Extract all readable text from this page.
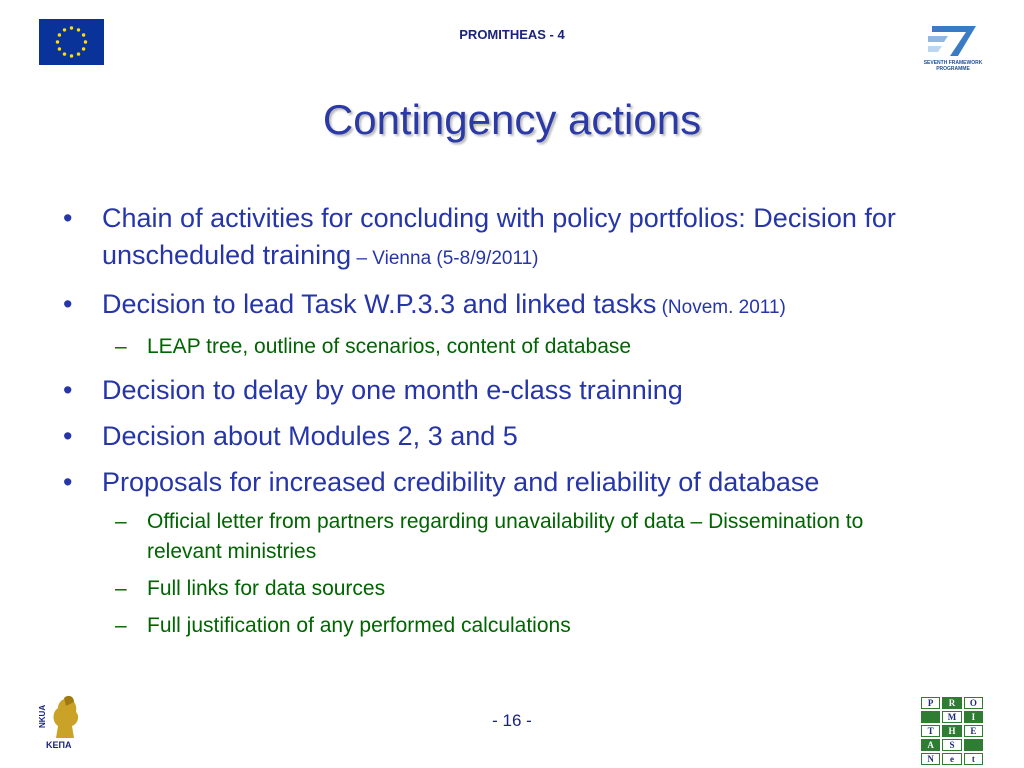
PROMITHEAS - 4
SEVENTH FRAMEWORK
PROGRAMME
Contingency actions
• Chain of activities for concluding with policy portfolios: Decision for unscheduled training – Vienna (5-8/9/2011)
• Decision to lead Task W.P.3.3 and linked tasks (Novem. 2011)
– LEAP tree, outline of scenarios, content of database
• Decision to delay by one month e-class trainning
• Decision about Modules 2, 3 and 5
• Proposals for increased credibility and reliability of database
– Official letter from partners regarding unavailability of data – Dissemination to relevant ministries
– Full links for data sources
– Full justification of any performed calculations
NKUA
ΚΕΠΑ
- 16 -
P	R	O
M	I
T	H	E
A	S
N	e	t
